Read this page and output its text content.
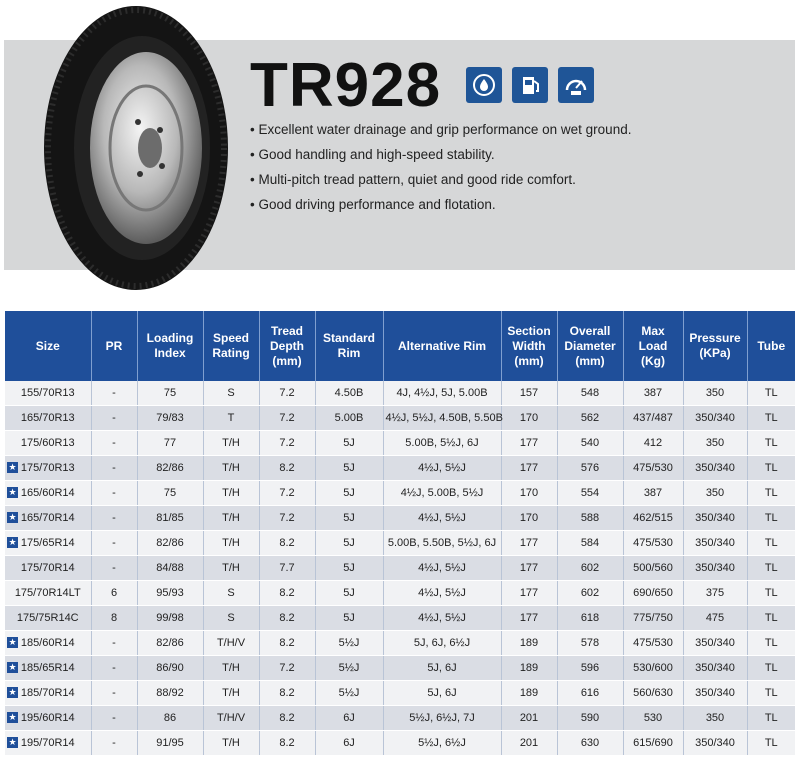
TR928
• Excellent water drainage and grip performance on wet ground.
• Good handling and high-speed stability.
• Multi-pitch tread pattern, quiet and good ride comfort.
• Good driving performance and flotation.
Size	PR	Loading Index	Speed Rating	Tread Depth (mm)	Standard Rim	Alternative Rim	Section Width (mm)	Overall Diameter (mm)	Max Load (Kg)	Pressure (KPa)	Tube
155/70R13	-	75	S	7.2	4.50B	4J, 4½J, 5J, 5.00B	157	548	387	350	TL
165/70R13	-	79/83	T	7.2	5.00B	4½J, 5½J, 4.50B, 5.50B	170	562	437/487	350/340	TL
175/60R13	-	77	T/H	7.2	5J	5.00B, 5½J, 6J	177	540	412	350	TL

★ 175/70R13	-	82/86	T/H	8.2	5J	4½J, 5½J	177	576	475/530	350/340	TL

★ 165/60R14	-	75	T/H	7.2	5J	4½J, 5.00B, 5½J	170	554	387	350	TL

★ 165/70R14	-	81/85	T/H	7.2	5J	4½J, 5½J	170	588	462/515	350/340	TL

★ 175/65R14	-	82/86	T/H	8.2	5J	5.00B, 5.50B, 5½J, 6J	177	584	475/530	350/340	TL
175/70R14	-	84/88	T/H	7.7	5J	4½J, 5½J	177	602	500/560	350/340	TL
175/70R14LT	6	95/93	S	8.2	5J	4½J, 5½J	177	602	690/650	375	TL
175/75R14C	8	99/98	S	8.2	5J	4½J, 5½J	177	618	775/750	475	TL

★ 185/60R14	-	82/86	T/H/V	8.2	5½J	5J, 6J, 6½J	189	578	475/530	350/340	TL

★ 185/65R14	-	86/90	T/H	7.2	5½J	5J, 6J	189	596	530/600	350/340	TL

★ 185/70R14	-	88/92	T/H	8.2	5½J	5J, 6J	189	616	560/630	350/340	TL

★ 195/60R14	-	86	T/H/V	8.2	6J	5½J, 6½J, 7J	201	590	530	350	TL

★ 195/70R14	-	91/95	T/H	8.2	6J	5½J, 6½J	201	630	615/690	350/340	TL
